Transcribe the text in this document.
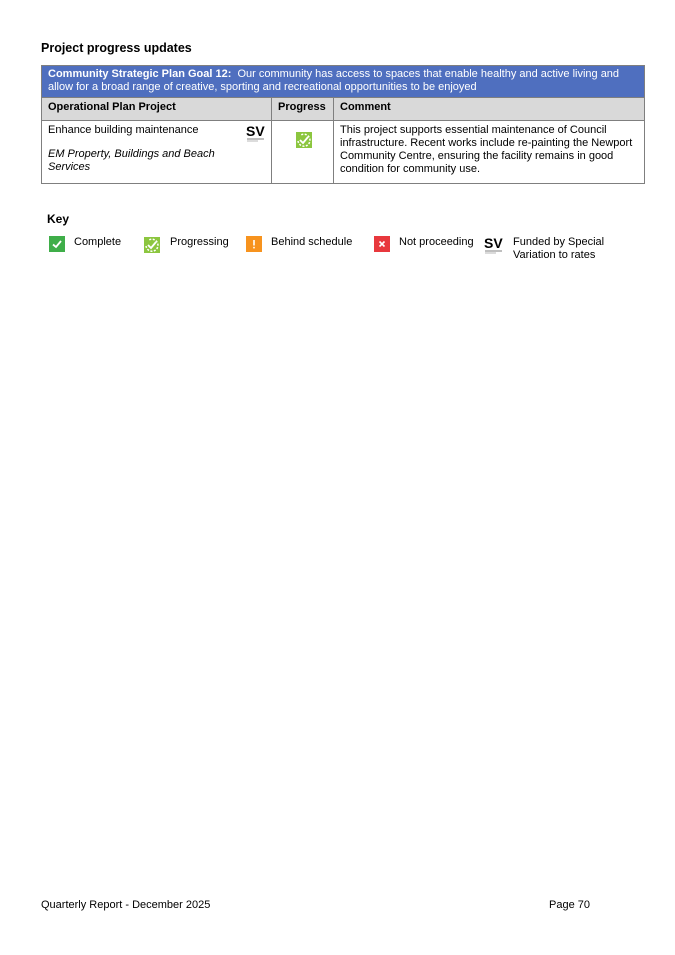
Project progress updates
Community Strategic Plan Goal 12: Our community has access to spaces that enable healthy and active living and allow for a broad range of creative, sporting and recreational opportunities to be enjoyed		
Operational Plan Project	Progress	Comment

Enhance building maintenance
EM Property, Buildings and Beach Services
SV		This project supports essential maintenance of Council infrastructure. Recent works include re-painting the Newport Community Centre, ensuring the facility remains in good condition for community use.
Key
Complete	Progressing	Behind schedule	Not proceeding SV Funded by Special Variation to rates
Quarterly Report - December 2025	Page 70
